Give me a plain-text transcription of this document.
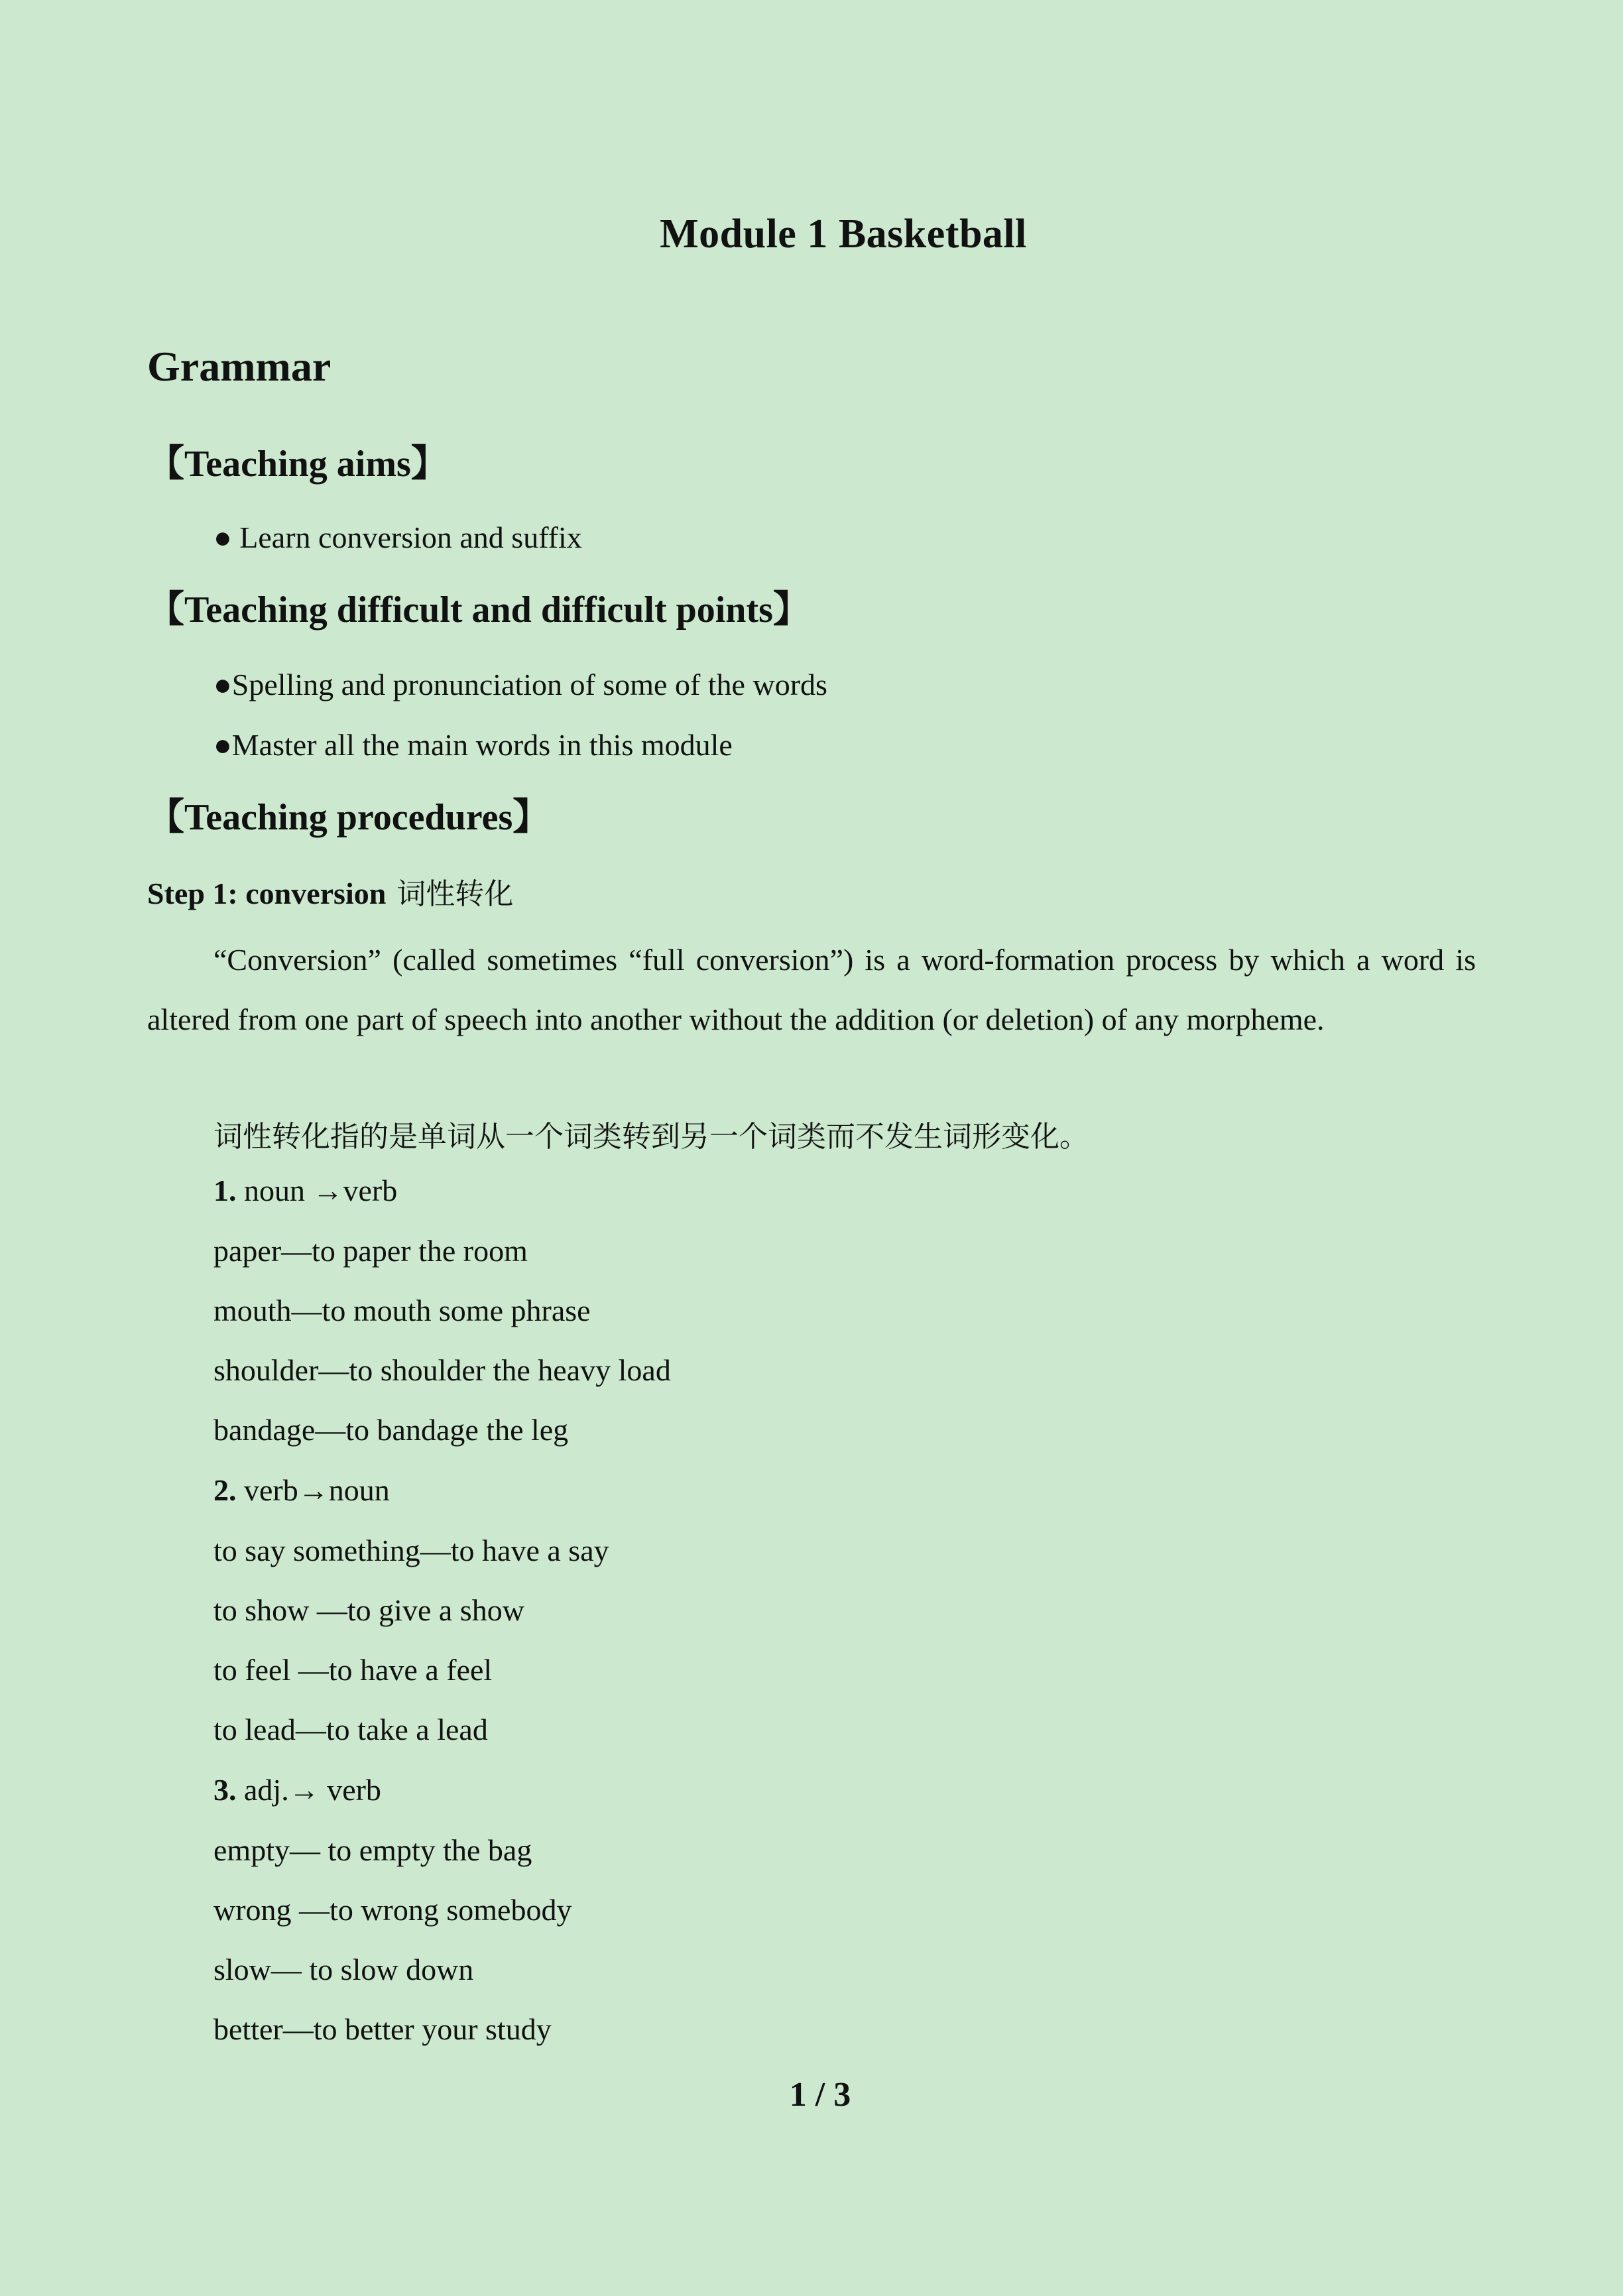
Module 1 Basketball
Grammar
【Teaching aims】
● Learn conversion and suffix
【Teaching difficult and difficult points】
●Spelling and pronunciation of some of the words
●Master all the main words in this module
【Teaching procedures】
Step 1: conversion 词性转化

“Conversion” (called sometimes “full conversion”) is a word-formation process by which a word is altered from one part of speech into another without the addition (or deletion) of any morpheme.

词性转化指的是单词从一个词类转到另一个词类而不发生词形变化。
1. noun →verb
paper—to paper the room
mouth—to mouth some phrase
shoulder—to shoulder the heavy load
bandage—to bandage the leg
2. verb→noun
to say something—to have a say
to show —to give a show
to feel —to have a feel
to lead—to take a lead
3. adj.→ verb
empty— to empty the bag
wrong —to wrong somebody
slow— to slow down
better—to better your study
1 / 3
